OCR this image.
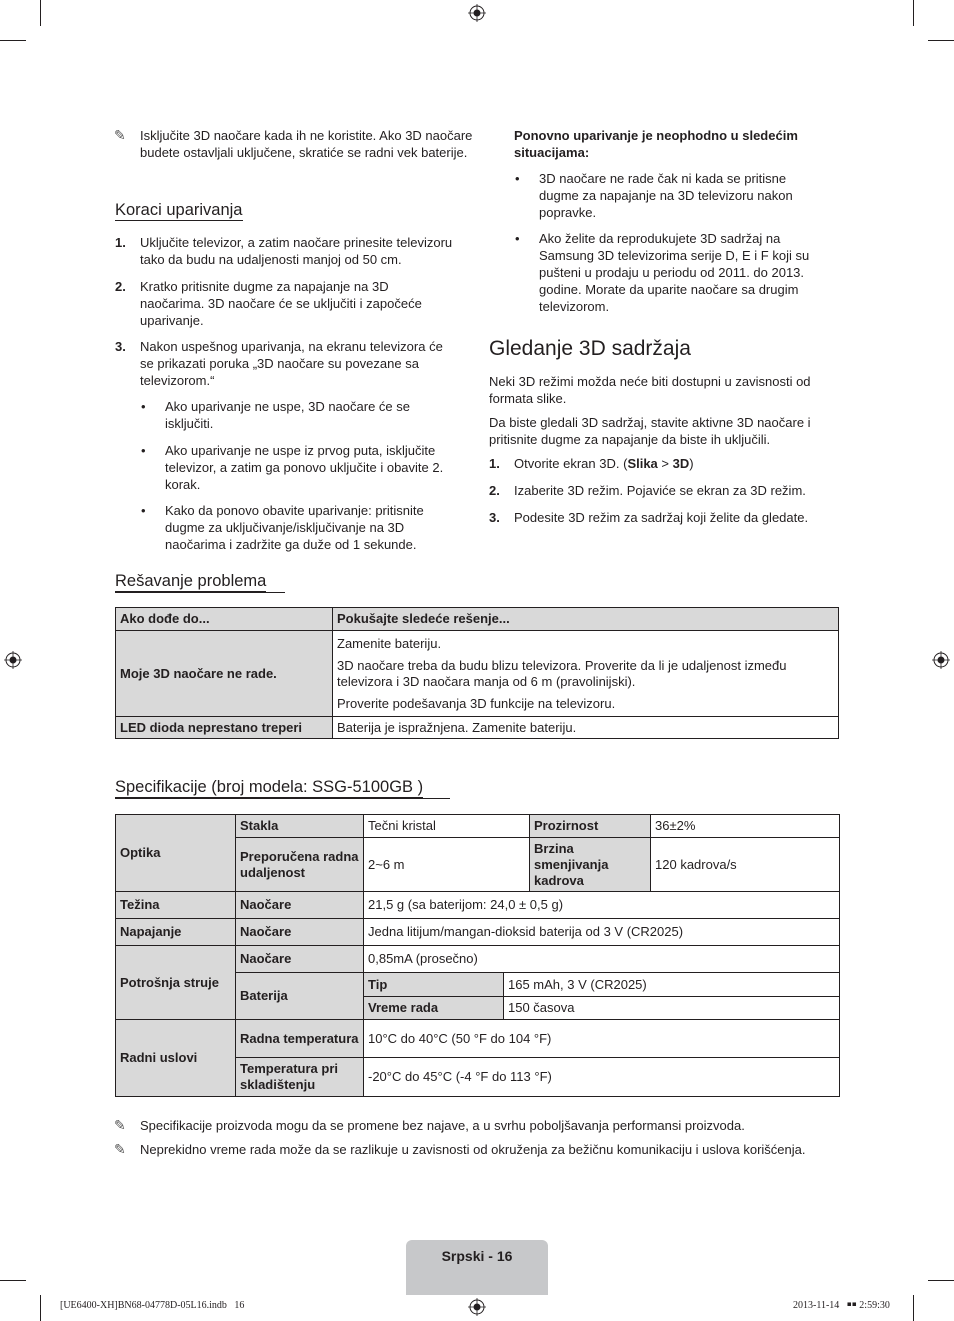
✎ Isključite 3D naočare kada ih ne koristite. Ako 3D naočare budete ostavljali uključene, skratiće se radni vek baterije.
Koraci uparivanja
1. Uključite televizor, a zatim naočare prinesite televizoru tako da budu na udaljenosti manjoj od 50 cm.
2. Kratko pritisnite dugme za napajanje na 3D naočarima. 3D naočare će se uključiti i započeće uparivanje.
3. Nakon uspešnog uparivanja, na ekranu televizora će se prikazati poruka „3D naočare su povezane sa televizorom.“
• Ako uparivanje ne uspe, 3D naočare će se isključiti.
• Ako uparivanje ne uspe iz prvog puta, isključite televizor, a zatim ga ponovo uključite i obavite 2. korak.
• Kako da ponovo obavite uparivanje: pritisnite dugme za uključivanje/isključivanje na 3D naočarima i zadržite ga duže od 1 sekunde.
Ponovno uparivanje je neophodno u sledećim situacijama:
• 3D naočare ne rade čak ni kada se pritisne dugme za napajanje na 3D televizoru nakon popravke.
• Ako želite da reprodukujete 3D sadržaj na Samsung 3D televizorima serije D, E i F koji su pušteni u prodaju u periodu od 2011. do 2013. godine. Morate da uparite naočare sa drugim televizorom.
Gledanje 3D sadržaja
Neki 3D režimi možda neće biti dostupni u zavisnosti od formata slike.
Da biste gledali 3D sadržaj, stavite aktivne 3D naočare i pritisnite dugme za napajanje da biste ih uključili.
1. Otvorite ekran 3D. (Slika > 3D)
2. Izaberite 3D režim. Pojaviće se ekran za 3D režim.
3. Podesite 3D režim za sadržaj koji želite da gledate.
Rešavanje problema
Ako dođe do...	Pokušajte sledeće rešenje...
Moje 3D naočare ne rade.	Zamenite bateriju.
3D naočare treba da budu blizu televizora. Proverite da li je udaljenost između televizora i 3D naočara manja od 6 m (pravolinijski).
Proverite podešavanja 3D funkcije na televizoru.

LED dioda neprestano treperi	Baterija je ispražnjena. Zamenite bateriju.
Specifikacije (broj modela: SSG-5100GB )
Optika	Stakla	Tečni kristal		Prozirnost	36±2%
	Preporučena radna udaljenost	2~6 m		Brzina smenjivanja kadrova	120 kadrova/s
Težina	Naočare	21,5 g (sa baterijom: 24,0 ± 0,5 g)			
Napajanje	Naočare	Jedna litijum/mangan-dioksid baterija od 3 V (CR2025)			
Potrošnja struje	Naočare	0,85mA (prosečno)			
	Baterija	Tip	165 mAh, 3 V (CR2025)		
		Vreme rada	150 časova		
Radni uslovi	Radna temperatura	10°C do 40°C (50 °F do 104 °F)			
	Temperatura pri skladištenju	-20°C do 45°C (-4 °F do 113 °F)			
✎ Specifikacije proizvoda mogu da se promene bez najave, a u svrhu poboljšavanja performansi proizvoda.
✎ Neprekidno vreme rada može da se razlikuje u zavisnosti od okruženja za bežičnu komunikaciju i uslova korišćenja.
Srpski - 16
[UE6400-XH]BN68-04778D-05L16.indb   16	2013-11-14   ￭￭ 2:59:30
